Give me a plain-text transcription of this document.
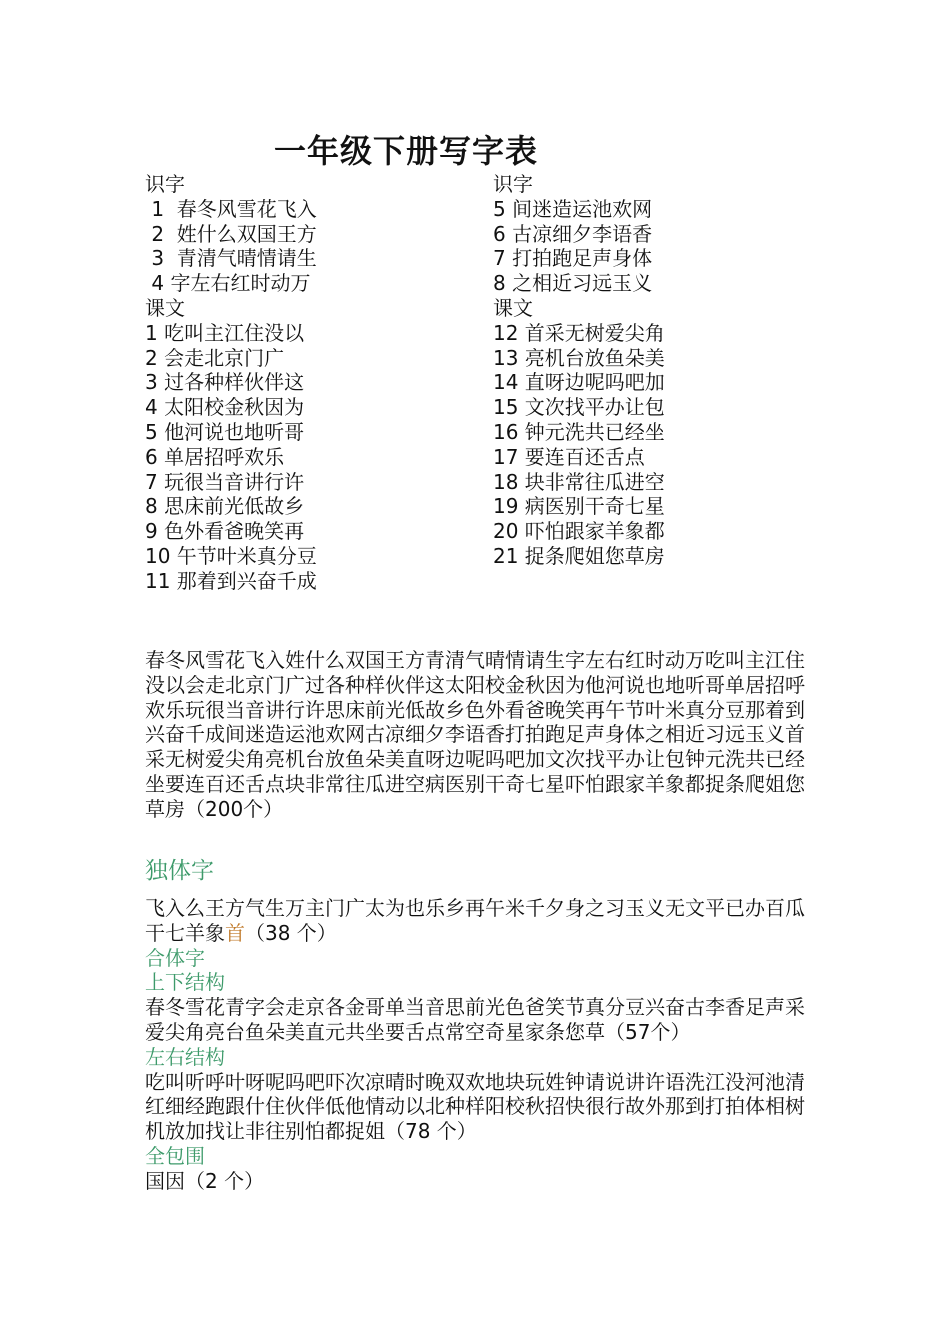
一年级下册写字表
识字
1  春冬风雪花飞入
2  姓什么双国王方
3  青清气晴情请生
4 字左右红时动万
课文
1 吃叫主江住没以
2 会走北京门广
3 过各种样伙伴这
4 太阳校金秋因为
5 他河说也地听哥
6 单居招呼欢乐
7 玩很当音讲行许
8 思床前光低故乡
9 色外看爸晚笑再
10 午节叶米真分豆
11 那着到兴奋千成
识字
5 间迷造运池欢网
6 古凉细夕李语香
7 打拍跑足声身体
8 之相近习远玉义
课文
12 首采无树爱尖角
13 亮机台放鱼朵美
14 直呀边呢吗吧加
15 文次找平办让包
16 钟元洗共已经坐
17 要连百还舌点
18 块非常往瓜进空
19 病医别干奇七星
20 吓怕跟家羊象都
21 捉条爬姐您草房
春冬风雪花飞入姓什么双国王方青清气晴情请生字左右红时动万吃叫主江住没以会走北京门广过各种样伙伴这太阳校金秋因为他河说也地听哥单居招呼欢乐玩很当音讲行许思床前光低故乡色外看爸晚笑再午节叶米真分豆那着到兴奋千成间迷造运池欢网古凉细夕李语香打拍跑足声身体之相近习远玉义首采无树爱尖角亮机台放鱼朵美直呀边呢吗吧加文次找平办让包钟元洗共已经坐要连百还舌点块非常往瓜进空病医别干奇七星吓怕跟家羊象都捉条爬姐您草房（200个）
独体字
飞入么王方气生万主门广太为也乐乡再午米千夕身之习玉义无文平已办百瓜干七羊象首（38 个）
合体字
上下结构
春冬雪花青字会走京各金哥单当音思前光色爸笑节真分豆兴奋古李香足声采爱尖角亮台鱼朵美直元共坐要舌点常空奇星家条您草（57个）
左右结构
吃叫听呼叶呀呢吗吧吓次凉晴时晚双欢地块玩姓钟请说讲许语洗江没河池清红细经跑跟什住伙伴低他情动以北种样阳校秋招快很行故外那到打拍体相树机放加找让非往别怕都捉姐（78 个）
全包围
国因（2 个）
